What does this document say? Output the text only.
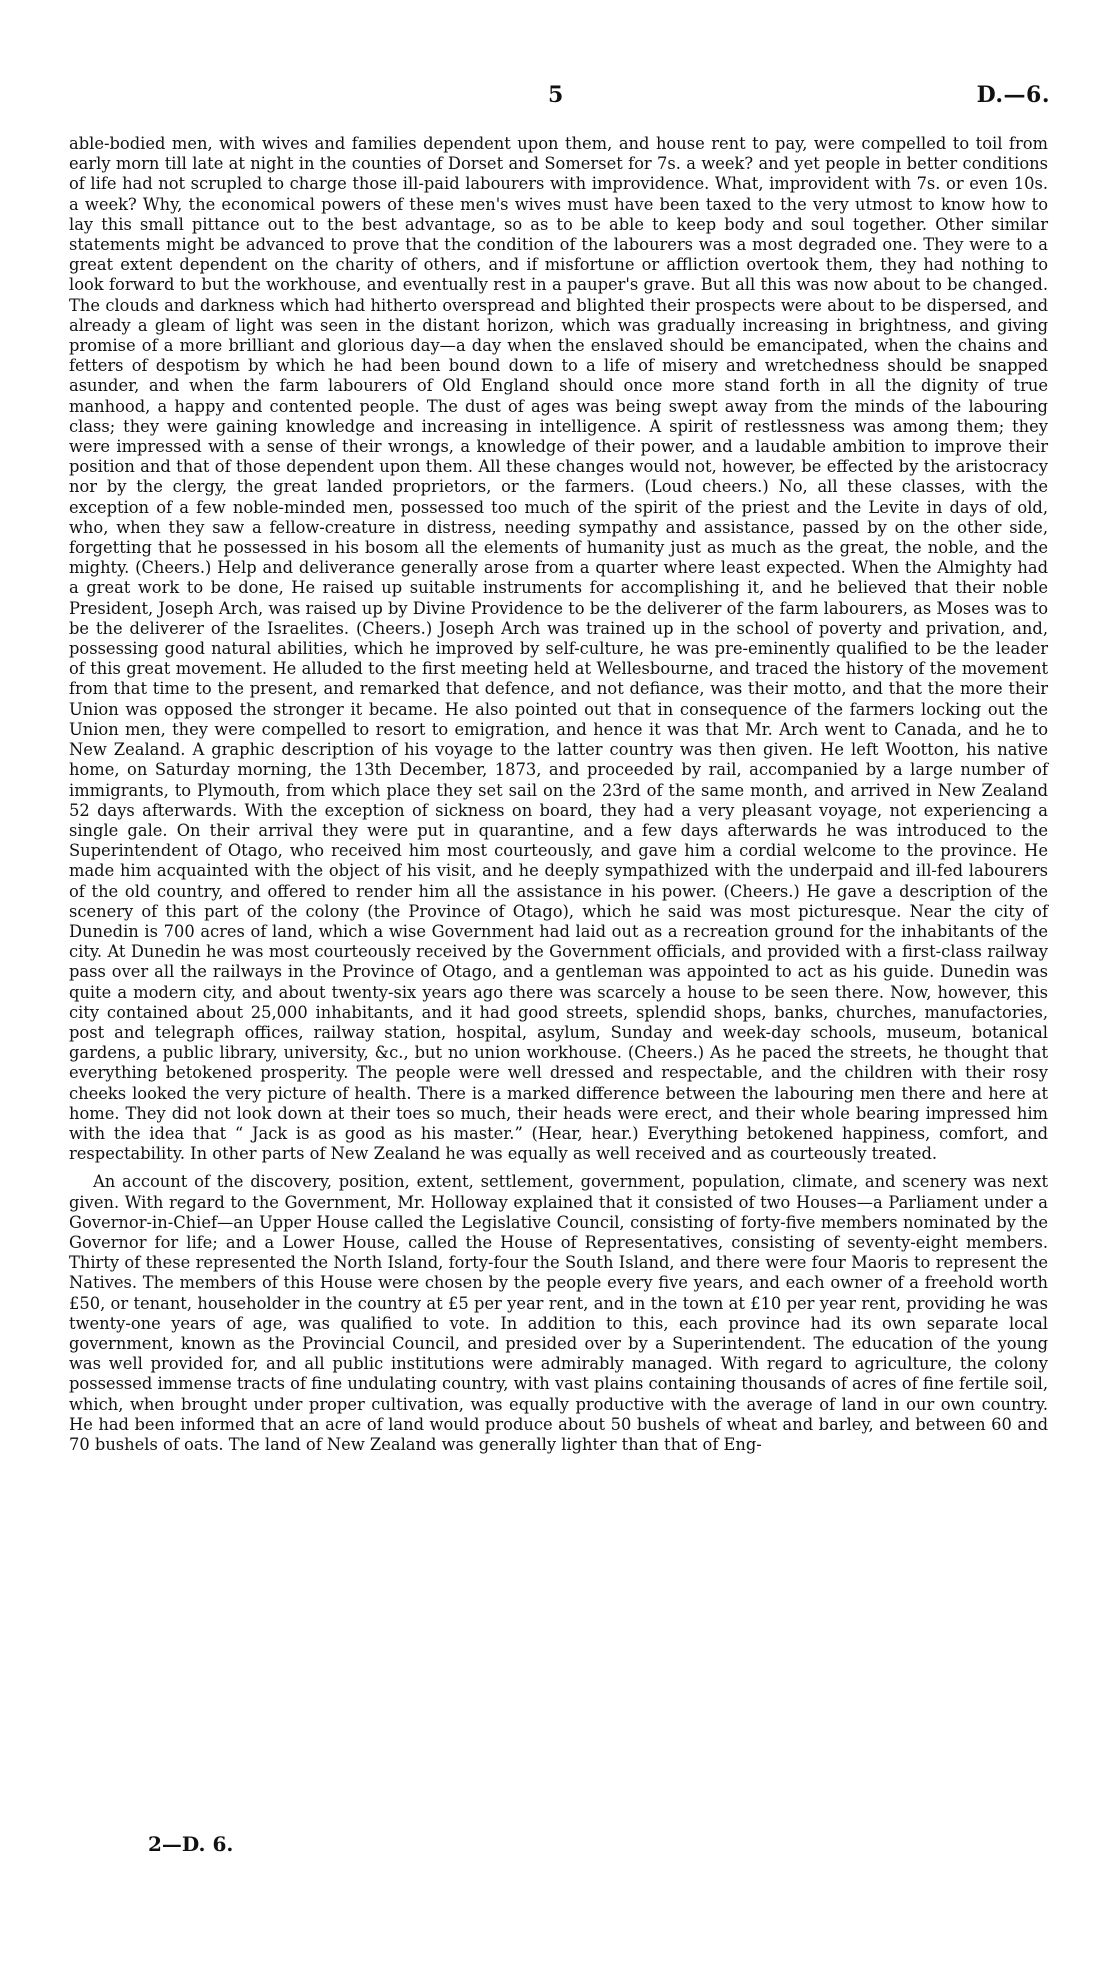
5	D.—6.

able-bodied men, with wives and families dependent upon them, and house rent to pay, were compelled to toil from early morn till late at night in the counties of Dorset and Somerset for 7s. a week? and yet people in better conditions of life had not scrupled to charge those ill-paid labourers with improvidence. What, improvident with 7s. or even 10s. a week? Why, the economical powers of these men's wives must have been taxed to the very utmost to know how to lay this small pittance out to the best advantage, so as to be able to keep body and soul together. Other similar statements might be advanced to prove that the condition of the labourers was a most degraded one. They were to a great extent dependent on the charity of others, and if misfortune or affliction overtook them, they had nothing to look forward to but the workhouse, and eventually rest in a pauper's grave. But all this was now about to be changed. The clouds and darkness which had hitherto overspread and blighted their prospects were about to be dispersed, and already a gleam of light was seen in the distant horizon, which was gradually increasing in brightness, and giving promise of a more brilliant and glorious day—a day when the enslaved should be emancipated, when the chains and fetters of despotism by which he had been bound down to a life of misery and wretchedness should be snapped asunder, and when the farm labourers of Old England should once more stand forth in all the dignity of true manhood, a happy and contented people. The dust of ages was being swept away from the minds of the labouring class; they were gaining knowledge and increasing in intelligence. A spirit of restlessness was among them; they were impressed with a sense of their wrongs, a knowledge of their power, and a laudable ambition to improve their position and that of those dependent upon them. All these changes would not, however, be effected by the aristocracy nor by the clergy, the great landed proprietors, or the farmers. (Loud cheers.) No, all these classes, with the exception of a few noble-minded men, possessed too much of the spirit of the priest and the Levite in days of old, who, when they saw a fellow-creature in distress, needing sympathy and assistance, passed by on the other side, forgetting that he possessed in his bosom all the elements of humanity just as much as the great, the noble, and the mighty. (Cheers.) Help and deliverance generally arose from a quarter where least expected. When the Almighty had a great work to be done, He raised up suitable instruments for accomplishing it, and he believed that their noble President, Joseph Arch, was raised up by Divine Providence to be the deliverer of the farm labourers, as Moses was to be the deliverer of the Israelites. (Cheers.) Joseph Arch was trained up in the school of poverty and privation, and, possessing good natural abilities, which he improved by self-culture, he was pre-eminently qualified to be the leader of this great movement. He alluded to the first meeting held at Wellesbourne, and traced the history of the movement from that time to the present, and remarked that defence, and not defiance, was their motto, and that the more their Union was opposed the stronger it became. He also pointed out that in consequence of the farmers locking out the Union men, they were compelled to resort to emigration, and hence it was that Mr. Arch went to Canada, and he to New Zealand. A graphic description of his voyage to the latter country was then given. He left Wootton, his native home, on Saturday morning, the 13th December, 1873, and proceeded by rail, accompanied by a large number of immigrants, to Plymouth, from which place they set sail on the 23rd of the same month, and arrived in New Zealand 52 days afterwards. With the exception of sickness on board, they had a very pleasant voyage, not experiencing a single gale. On their arrival they were put in quarantine, and a few days afterwards he was introduced to the Superintendent of Otago, who received him most courteously, and gave him a cordial welcome to the province. He made him acquainted with the object of his visit, and he deeply sympathized with the underpaid and ill-fed labourers of the old country, and offered to render him all the assistance in his power. (Cheers.) He gave a description of the scenery of this part of the colony (the Province of Otago), which he said was most picturesque. Near the city of Dunedin is 700 acres of land, which a wise Government had laid out as a recreation ground for the inhabitants of the city. At Dunedin he was most courteously received by the Government officials, and provided with a first-class railway pass over all the railways in the Province of Otago, and a gentleman was appointed to act as his guide. Dunedin was quite a modern city, and about twenty-six years ago there was scarcely a house to be seen there. Now, however, this city contained about 25,000 inhabitants, and it had good streets, splendid shops, banks, churches, manufactories, post and telegraph offices, railway station, hospital, asylum, Sunday and week-day schools, museum, botanical gardens, a public library, university, &c., but no union workhouse. (Cheers.) As he paced the streets, he thought that everything betokened prosperity. The people were well dressed and respectable, and the children with their rosy cheeks looked the very picture of health. There is a marked difference between the labouring men there and here at home. They did not look down at their toes so much, their heads were erect, and their whole bearing impressed him with the idea that “ Jack is as good as his master.” (Hear, hear.) Everything betokened happiness, comfort, and respectability. In other parts of New Zealand he was equally as well received and as courteously treated.

An account of the discovery, position, extent, settlement, government, population, climate, and scenery was next given. With regard to the Government, Mr. Holloway explained that it consisted of two Houses—a Parliament under a Governor-in-Chief—an Upper House called the Legislative Council, consisting of forty-five members nominated by the Governor for life; and a Lower House, called the House of Representatives, consisting of seventy-eight members. Thirty of these represented the North Island, forty-four the South Island, and there were four Maoris to represent the Natives. The members of this House were chosen by the people every five years, and each owner of a freehold worth £50, or tenant, householder in the country at £5 per year rent, and in the town at £10 per year rent, providing he was twenty-one years of age, was qualified to vote. In addition to this, each province had its own separate local government, known as the Provincial Council, and presided over by a Superintendent. The education of the young was well provided for, and all public institutions were admirably managed. With regard to agriculture, the colony possessed immense tracts of fine undulating country, with vast plains containing thousands of acres of fine fertile soil, which, when brought under proper cultivation, was equally productive with the average of land in our own country. He had been informed that an acre of land would produce about 50 bushels of wheat and barley, and between 60 and 70 bushels of oats. The land of New Zealand was generally lighter than that of Eng-

2—D. 6.
